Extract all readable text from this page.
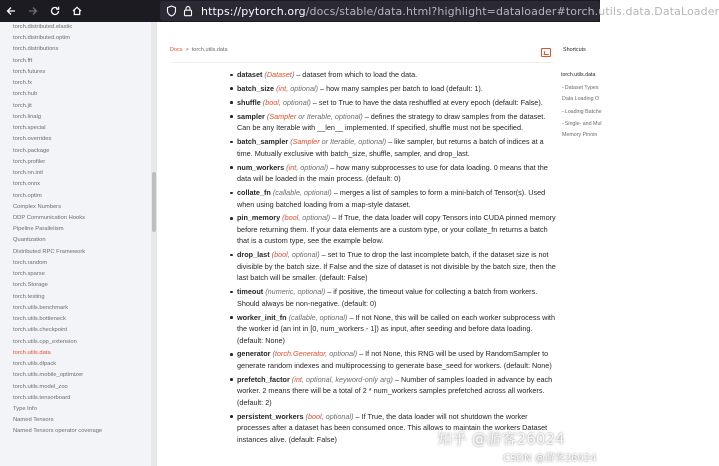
https://pytorch.org/docs/stable/data.html?highlight=dataloader#torch.utils.data.DataLoader
torch.distributed.elastic
torch.distributed.optim
torch.distributions
torch.fft
torch.futures
torch.fx
torch.hub
torch.jit
torch.linalg
torch.special
torch.overrides
torch.package
torch.profiler
torch.nn.init
torch.onnx
torch.optim
Complex Numbers
DDP Communication Hooks
Pipeline Parallelism
Quantization
Distributed RPC Framework
torch.random
torch.sparse
torch.Storage
torch.testing
torch.utils.benchmark
torch.utils.bottleneck
torch.utils.checkpoint
torch.utils.cpp_extension
torch.utils.data
torch.utils.dlpack
torch.utils.mobile_optimizer
torch.utils.model_zoo
torch.utils.tensorboard
Type Info
Named Tensors
Named Tensors operator coverage
Docs > torch.utils.data
dataset (Dataset) – dataset from which to load the data.
batch_size (int, optional) – how many samples per batch to load (default: 1).
shuffle (bool, optional) – set to True to have the data reshuffled at every epoch (default: False).
sampler (Sampler or Iterable, optional) – defines the strategy to draw samples from the dataset. Can be any Iterable with __len__ implemented. If specified, shuffle must not be specified.
batch_sampler (Sampler or Iterable, optional) – like sampler, but returns a batch of indices at a time. Mutually exclusive with batch_size, shuffle, sampler, and drop_last.
num_workers (int, optional) – how many subprocesses to use for data loading. 0 means that the data will be loaded in the main process. (default: 0)
collate_fn (callable, optional) – merges a list of samples to form a mini-batch of Tensor(s). Used when using batched loading from a map-style dataset.
pin_memory (bool, optional) – If True, the data loader will copy Tensors into CUDA pinned memory before returning them. If your data elements are a custom type, or your collate_fn returns a batch that is a custom type, see the example below.
drop_last (bool, optional) – set to True to drop the last incomplete batch, if the dataset size is not divisible by the batch size. If False and the size of dataset is not divisible by the batch size, then the last batch will be smaller. (default: False)
timeout (numeric, optional) – if positive, the timeout value for collecting a batch from workers. Should always be non-negative. (default: 0)
worker_init_fn (callable, optional) – If not None, this will be called on each worker subprocess with the worker id (an int in [0, num_workers - 1]) as input, after seeding and before data loading. (default: None)
generator (torch.Generator, optional) – If not None, this RNG will be used by RandomSampler to generate random indexes and multiprocessing to generate base_seed for workers. (default: None)
prefetch_factor (int, optional, keyword-only arg) – Number of samples loaded in advance by each worker. 2 means there will be a total of 2 * num_workers samples prefetched across all workers. (default: 2)
persistent_workers (bool, optional) – If True, the data loader will not shutdown the worker processes after a dataset has been consumed once. This allows to maintain the workers Dataset instances alive. (default: False)
Shortcuts
torch.utils.data
-Dataset Types
Data Loading O
-Loading Batche
-Single- and Mul
Memory Pinnin
知乎 @游客26024
CSDN @游客26024
